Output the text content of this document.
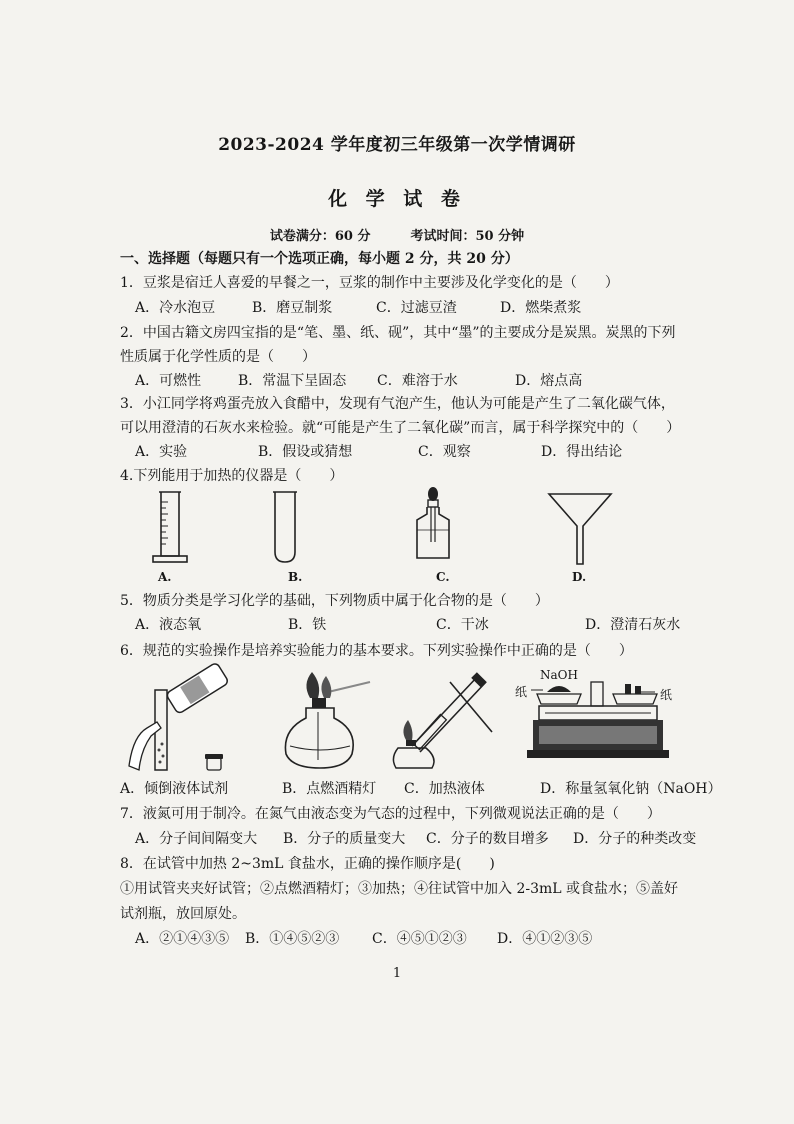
2023-2024 学年度初三年级第一次学情调研
化 学 试 卷
试卷满分：60 分	考试时间：50 分钟
一、选择题（每题只有一个选项正确，每小题 2 分，共 20 分）
1．豆浆是宿迁人喜爱的早餐之一，豆浆的制作中主要涉及化学变化的是（　　）
A．冷水泡豆	B．磨豆制浆	C．过滤豆渣	D．燃柴煮浆
2．中国古籍文房四宝指的是“笔、墨、纸、砚”，其中“墨”的主要成分是炭黑。炭黑的下列
性质属于化学性质的是（　　）
A．可燃性	B．常温下呈固态 C．难溶于水	D．熔点高
3．小江同学将鸡蛋壳放入食醋中，发现有气泡产生，他认为可能是产生了二氧化碳气体，
可以用澄清的石灰水来检验。就“可能是产生了二氧化碳”而言，属于科学探究中的（　　）
A．实验	B．假设或猜想	C．观察	D．得出结论
4.下列能用于加热的仪器是（　　）
A.	B.	C.	D.
5．物质分类是学习化学的基础，下列物质中属于化合物的是（　　）
A．液态氧	B．铁	C．干冰	D．澄清石灰水
6．规范的实验操作是培养实验能力的基本要求。下列实验操作中正确的是（　　）
NaOH
纸	纸
A．倾倒液体试剂	B．点燃酒精灯 C．加热液体	D．称量氢氧化钠（NaOH）
7．液氮可用于制冷。在氮气由液态变为气态的过程中，下列微观说法正确的是（　　）
A．分子间间隔变大 B．分子的质量变大 C．分子的数目增多 D．分子的种类改变
8．在试管中加热 2~3mL 食盐水，正确的操作顺序是(　　)
①用试管夹夹好试管；②点燃酒精灯；③加热；④往试管中加入 2-3mL 或食盐水；⑤盖好
试剂瓶，放回原处。
A．②①④③⑤ B．①④⑤②③ C．④⑤①②③ D．④①②③⑤
1
